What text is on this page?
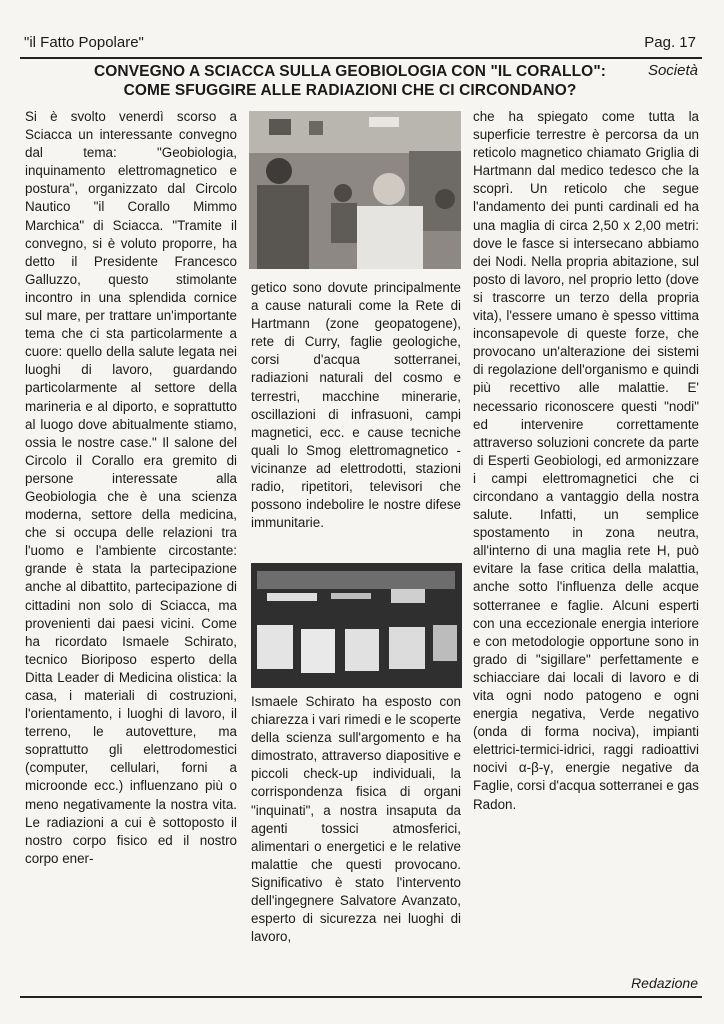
"il Fatto Popolare"	Pag. 17
CONVEGNO A SCIACCA SULLA GEOBIOLOGIA CON "IL CORALLO":
COME SFUGGIRE ALLE RADIAZIONI CHE CI CIRCONDANO?
Società
Si è svolto venerdì scorso a Sciacca un interessante convegno dal tema: "Geobiologia, inquinamento elettromagnetico e postura", organizzato dal Circolo Nautico "il Corallo Mimmo Marchica" di Sciacca. "Tramite il convegno, si è voluto proporre, ha detto il Presidente Francesco Galluzzo, questo stimolante incontro in una splendida cornice sul mare, per trattare un'importante tema che ci sta particolarmente a cuore: quello della salute legata nei luoghi di lavoro, guardando particolarmente al settore della marineria e al diporto, e soprattutto al luogo dove abitualmente stiamo, ossia le nostre case." Il salone del Circolo il Corallo era gremito di persone interessate alla Geobiologia che è una scienza moderna, settore della medicina, che si occupa delle relazioni tra l'uomo e l'ambiente circostante: grande è stata la partecipazione anche al dibattito, partecipazione di cittadini non solo di Sciacca, ma provenienti dai paesi vicini. Come ha ricordato Ismaele Schirato, tecnico Bioriposo esperto della Ditta Leader di Medicina olistica: la casa, i materiali di costruzioni, l'orientamento, i luoghi di lavoro, il terreno, le autovetture, ma soprattutto gli elettrodomestici (computer, cellulari, forni a microonde ecc.) influenzano più o meno negativamente la nostra vita. Le radiazioni a cui è sottoposto il nostro corpo fisico ed il nostro corpo ener-
getico sono dovute principalmente a cause naturali come la Rete di Hartmann (zone geopatogene), rete di Curry, faglie geologiche, corsi d'acqua sotterranei, radiazioni naturali del cosmo e terrestri, macchine minerarie, oscillazioni di infrasuoni, campi magnetici, ecc. e cause tecniche quali lo Smog elettromagnetico - vicinanze ad elettrodotti, stazioni radio, ripetitori, televisori che possono indebolire le nostre difese immunitarie.
Ismaele Schirato ha esposto con chiarezza i vari rimedi e le scoperte della scienza sull'argomento e ha dimostrato, attraverso diapositive e piccoli check-up individuali, la corrispondenza fisica di organi "inquinati", a nostra insaputa da agenti tossici atmosferici, alimentari o energetici e le relative malattie che questi provocano. Significativo è stato l'intervento dell'ingegnere Salvatore Avanzato, esperto di sicurezza nei luoghi di lavoro,
che ha spiegato come tutta la superficie terrestre è percorsa da un reticolo magnetico chiamato Griglia di Hartmann dal medico tedesco che la scoprì. Un reticolo che segue l'andamento dei punti cardinali ed ha una maglia di circa 2,50 x 2,00 metri: dove le fasce si intersecano abbiamo dei Nodi. Nella propria abitazione, sul posto di lavoro, nel proprio letto (dove si trascorre un terzo della propria vita), l'essere umano è spesso vittima inconsapevole di queste forze, che provocano un'alterazione dei sistemi di regolazione dell'organismo e quindi più recettivo alle malattie. E' necessario riconoscere questi "nodi" ed intervenire correttamente attraverso soluzioni concrete da parte di Esperti Geobiologi, ed armonizzare i campi elettromagnetici che ci circondano a vantaggio della nostra salute. Infatti, un semplice spostamento in zona neutra, all'interno di una maglia rete H, può evitare la fase critica della malattia, anche sotto l'influenza delle acque sotterranee e faglie. Alcuni esperti con una eccezionale energia interiore e con metodologie opportune sono in grado di "sigillare" perfettamente e schiacciare dai locali di lavoro e di vita ogni nodo patogeno e ogni energia negativa, Verde negativo (onda di forma nociva), impianti elettrici-termici-idrici, raggi radioattivi nocivi α-β-γ, energie negative da Faglie, corsi d'acqua sotterranei e gas Radon.
Redazione
